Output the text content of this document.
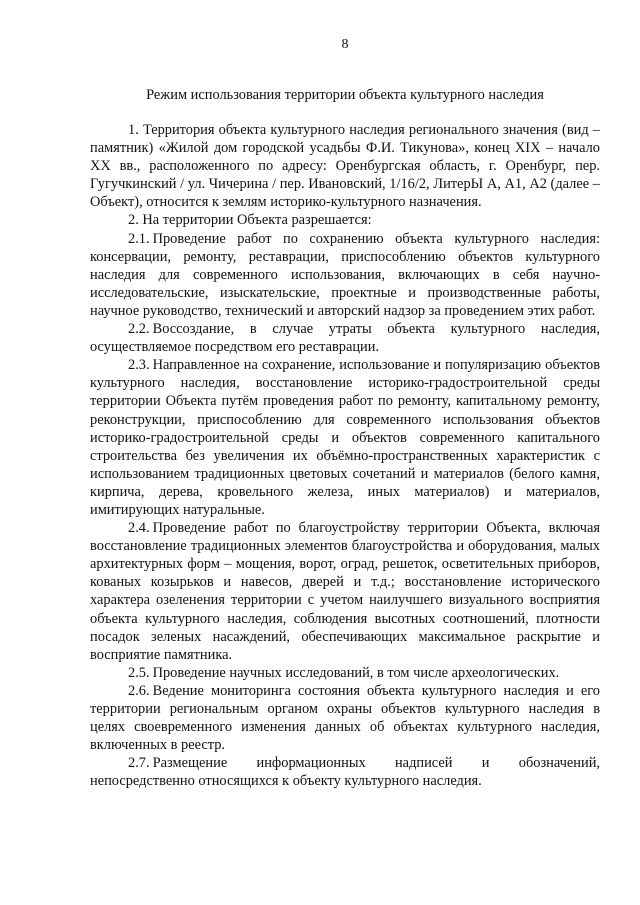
8
Режим использования территории объекта культурного наследия

1. Территория объекта культурного наследия регионального значения (вид – памятник) «Жилой дом городской усадьбы Ф.И. Тикунова», конец XIX – начало XX вв., расположенного по адресу: Оренбургская область, г. Оренбург, пер. Гугучкинский / ул. Чичерина / пер. Ивановский, 1/16/2, ЛитерЫ А, А1, А2 (далее – Объект), относится к землям историко-культурного назначения.

2. На территории Объекта разрешается:

2.1. Проведение работ по сохранению объекта культурного наследия: консервации, ремонту, реставрации, приспособлению объектов культурного наследия для современного использования, включающих в себя научно-исследовательские, изыскательские, проектные и производственные работы, научное руководство, технический и авторский надзор за проведением этих работ.

2.2. Воссоздание, в случае утраты объекта культурного наследия, осуществляемое посредством его реставрации.

2.3. Направленное на сохранение, использование и популяризацию объектов культурного наследия, восстановление историко-градостроительной среды территории Объекта путём проведения работ по ремонту, капитальному ремонту, реконструкции, приспособлению для современного использования объектов историко-градостроительной среды и объектов современного капитального строительства без увеличения их объёмно-пространственных характеристик с использованием традиционных цветовых сочетаний и материалов (белого камня, кирпича, дерева, кровельного железа, иных материалов) и материалов, имитирующих натуральные.

2.4. Проведение работ по благоустройству территории Объекта, включая восстановление традиционных элементов благоустройства и оборудования, малых архитектурных форм – мощения, ворот, оград, решеток, осветительных приборов, кованых козырьков и навесов, дверей и т.д.; восстановление исторического характера озеленения территории с учетом наилучшего визуального восприятия объекта культурного наследия, соблюдения высотных соотношений, плотности посадок зеленых насаждений, обеспечивающих максимальное раскрытие и восприятие памятника.

2.5. Проведение научных исследований, в том числе археологических.

2.6. Ведение мониторинга состояния объекта культурного наследия и его территории региональным органом охраны объектов культурного наследия в целях своевременного изменения данных об объектах культурного наследия, включенных в реестр.

2.7. Размещение информационных надписей и обозначений, непосредственно относящихся к объекту культурного наследия.
